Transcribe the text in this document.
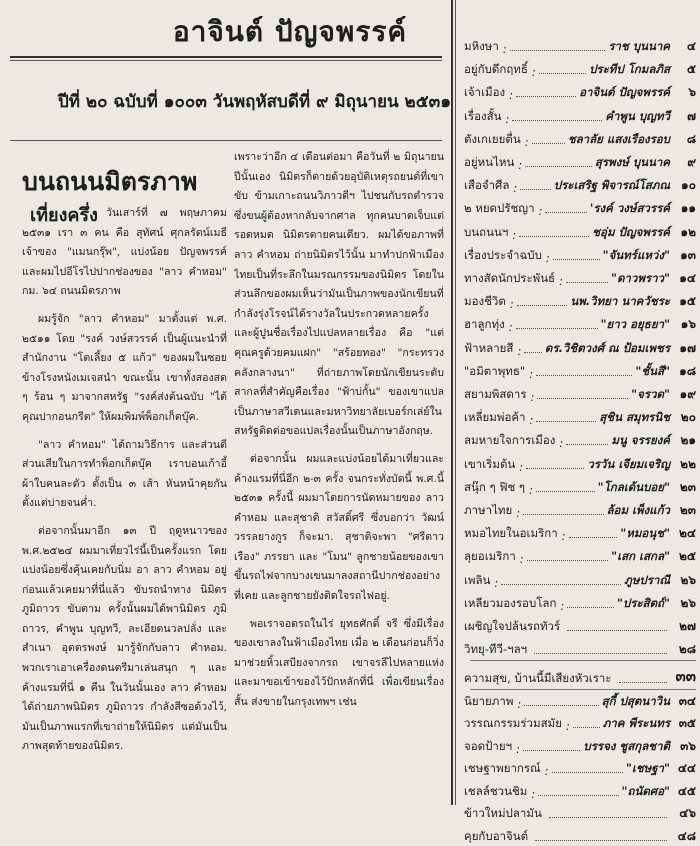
อาจินต์ ปัญจพรรค์
ปีที่ ๒๐ ฉบับที่ ๑๐๐๓ วันพฤหัสบดีที่ ๙ มิถุนายน ๒๕๓๑
บนถนนมิตรภาพ
เที่ยงครึ่ง วันเสาร์ที่ ๗ พฤษภาคม ๒๕๓๑ เรา ๓ คน คือ สุทัศน์ ศุกลรัตน์เมธี เจ้าของ "แมนกรุ๊พ", แบ่งน้อย ปัญจพรรค์ และผมไปอีโรไปปากช่องของ "ลาว คำหอม" กม. ๖๔ ถนนมิตรภาพ

ผมรู้จัก "ลาว คำหอม" มาตั้งแต่ พ.ศ. ๒๕๑๑ โดย "รงค์ วงษ์สวรรค์ เป็นผู้แนะนำที่สำนักงาน "โตเลี้ยง ๕ แก้ว" ของผมในซอยข้างโรงหนังเมเจสนำ ขณะนั้น เขาทั้งสองสด ๆ ร้อน ๆ มาจากสหรัฐ "รงค์ส่งต้นฉบับ "ได้คุณปากอนกรีต" ให้ผมพิมพ์พ็อกเก็ตบุ๊ค.

"ลาว คำหอม" ได้ถามวิธีการ และส่วนดีส่วนเสียในการทำพ็อกเก็ตบุ๊ค เราบอนเก้าอี้ผ้าใบคนละตัว ตั้งเป็น ๓ เส้า หันหน้าคุยกันตั้งแต่บ่ายจนค่ำ.

ต่อจากนั้นมาอีก ๑๓ ปี ฤดูหนาวของ พ.ศ.๒๕๒๔ ผมมาเที่ยวไร่นี้เป็นครั้งแรก โดยแบ่งน้อยซึ่งคุ้นเคยกับนิ่ม อา ลาว คำหอม อยู่ก่อนแล้วเคยมาที่นี่แล้ว ขับรถนำทาง นิมิตร ภูมิถาวร ขับตาม ครั้งนั้นผมได้พานิมิตร ภูมิถาวร, คำพูน บุญทวี, ละเอียดนวลปลั่ง และสำเนา อุตตรพงษ์ มารู้จักกับลาว คำหอม. พวกเราเอาเครื่องดนตรีมาเล่นสนุก ๆ และค้างแรมที่นี่ ๑ คืน ในวันนั้นเอง ลาว คำหอม ได้ถ่ายภาพนิมิตร ภูมิถาวร กำลังสีซอด้วงไว้, มันเป็นภาพแรกที่เขาถ่ายให้นิมิตร แต่มันเป็นภาพสุดท้ายของนิมิตร.

เพราะว่าอีก ๔ เดือนต่อมา คือวันที่ ๒ มิถุนายนปีนั้นเอง นิมิตรก็ตายด้วยอุบัติเหตุรถยนต์ที่เขาขับ ข้ามเกาะถนนวิภาวดีฯ ไปชนกับรถตำรวจซึ่งขนผู้ต้องหากลับจากศาล ทุกคนบาดเจ็บแต่รอดหมด นิมิตรตายคนเดียว. ผมได้ขอภาพที่ ลาว คำหอม ถ่ายนิมิตรไว้นั้น มาทำปกฟ้าเมืองไทยเป็นที่ระลึกในมรณกรรมของนิมิตร โดยในส่วนลึกของผมเห็นว่ามันเป็นภาพของนักเขียนที่กำลังรุ่งโรจน์ได้รางวัลในประกวดหลายครั้ง และผู้ปูนชื่อเรื่องไปแปลหลายเรื่อง คือ "แต่คุณครูด้วยคมแฝก" "สร้อยทอง" "กระทรวงคลังกลางนา" ที่ถ่ายภาพโดยนักเขียนระดับสากลที่สำคัญคือเรื่อง "ฟ้าบ่กั้น" ของเขาแปลเป็นภาษาสวีเดนและมหาวิทยาลัยเบอร์กเล่ย์ในสหรัฐติดต่อขอแปลเรื่องนั้นเป็นภาษาอังกฤษ.

ต่อจากนั้น ผมและแบ่งน้อยได้มาเที่ยวและค้างแรมที่นี่อีก ๒-๓ ครั้ง จนกระทั่งบัดนี้ พ.ศ.นี้ ๒๕๓๑ ครั้งนี้ ผมมาโดยการนัดหมายของ ลาว คำหอม และสุชาติ สวัสดิ์ศรี ซึ่งบอกว่า วัฒน์ วรรลยางกูร ก็จะมา. สุชาติจะพา "ศรีดาวเรือง" ภรรยา และ "โมน" ลูกชายน้อยของเขาขึ้นรถไฟจากบางเขนมาลงสถานีปากช่องอย่างที่เคย และลูกชายยังติดใจรถไฟอยู่.

พอเราจอดรถในไร่ ยุทธศักดิ์ จรี ซึ่งมีเรื่องของเขาลงในฟ้าเมืองไทย เมื่อ ๒ เดือนก่อนก็วิ่งมาช่วยหิ้วเสบียงจากรถ เขาจรลีไปหลายแห่งและมาขอเข้าของไว้ปักหลักที่นี่ เพื่อเขียนเรื่องสั้น ส่งขายในกรุงเทพฯ เช่น

มหิงษา :	ราช บุนนาค	๔
อยู่กับดึกฤทธิ์ :	ประทีป โกมลภิส	๕
เจ้าเมือง :	อาจินต์ ปัญจพรรค์	๖
เรื่องสั้น :	คำพูน บุญทวี	๗
ตังเกเยยตื่น :	ชลาลัย แสงเรืองรอบ	๘
อยู่หนไหน :	สุรพงษ์ บุนนาค	๙
เสือจำศีล :	ประเสริฐ พิจารณ์โสภณ ๑๐
๒ หยดปรัชญา :	'รงค์ วงษ์สวรรค์ ๑๑
บนถนนฯ :	ชอุ่ม ปัญจพรรค์ ๑๒
เรื่องประจำฉบับ :	"จันทร์แหว่ง" ๑๓
ทางสัดนักประพันธ์ :	"ดาวพราว" ๑๔
มองชีวิต :	นพ.วิทยา นาควัชระ ๑๕
ฮาลูกทุ่ง :	"ยาว อยุธยา" ๑๖
ฟ้าหลายสี : ดร.วิชิตวงศ์ ณ ป้อมเพชร ๑๗
"อมิตาพุทธ" :	"ชั้นสี" ๑๘
สยามพิสดาร :	"จรวด" ๑๙
เหลี่ยมพ่อค้า :	สุชิน สมุทรนิช ๒๐
ลมหายใจการเมือง :	มนู จรรยงค์ ๒๑
เขาเริ่มต้น :	วรวัน เจียมเจริญ ๒๒
สนุ๊ก ๆ ฟิช ๆ :	"โกลเด้นบอย" ๒๓
ภาษาไทย :	ล้อม เพ็งแก้ว ๒๓
หมอไทยในอเมริกา :	"หมอนุช" ๒๔
ลุยอเมริกา :	"เสก เสกล" ๒๕
เพลิน :	ภูษปราณี ๒๖
เหลียวมองรอบโลก :	"ประสิตถ์" ๒๖
เผชิญใจปล้นรถทัวร์	๒๗
วิทยุ-ทีวี-ฯลฯ	๒๘
ความสุข, บ้านนี้มีเสียงหัวเราะ	๓๓
นิยายภาพ :	สุกี้ ปสุตนาวิน ๓๔
วรรณกรรมร่วมสมัย :	ภาค พีระนทร ๓๕
จอดป้ายฯ :	บรรจง ชูสกุลชาติ ๓๖
เชษฐาพยากรณ์ :	"เชษฐา" ๔๔
เชลล์ชวนชิม :	"ถนัดศอ" ๔๕
ข้าวใหม่ปลามัน	๔๖
คุยกับอาจินต์	๔๘
